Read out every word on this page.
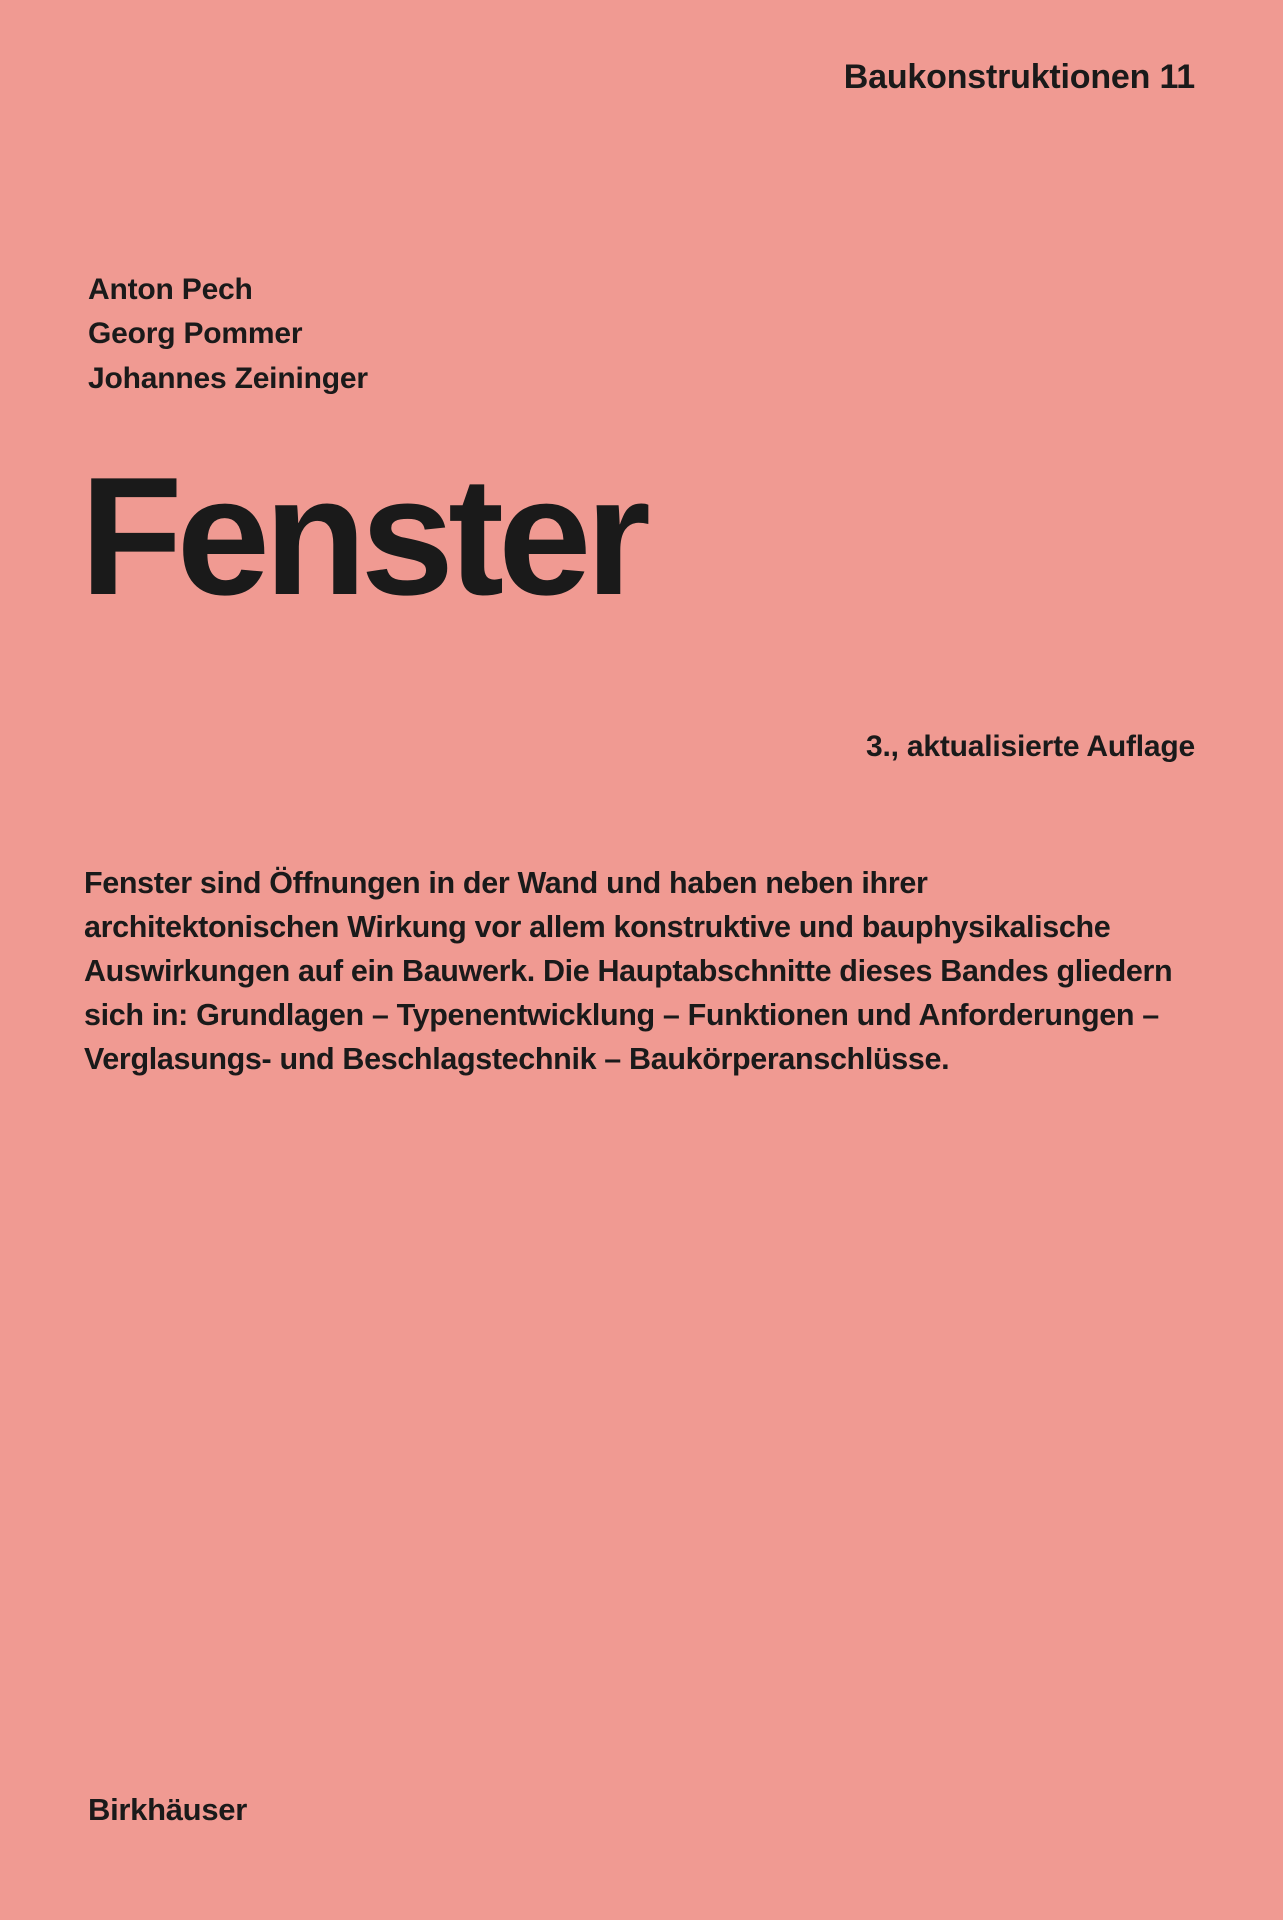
Baukonstruktionen 11
Anton Pech
Georg Pommer
Johannes Zeininger
Fenster
3., aktualisierte Auflage
Fenster sind Öffnungen in der Wand und haben neben ihrer architektonischen Wirkung vor allem konstruktive und bauphysikalische Auswirkungen auf ein Bauwerk. Die Hauptabschnitte dieses Bandes gliedern sich in: Grundlagen – Typenentwicklung – Funktionen und Anforderungen – Verglasungs- und Beschlagstechnik – Baukörperanschlüsse.
Birkhäuser
